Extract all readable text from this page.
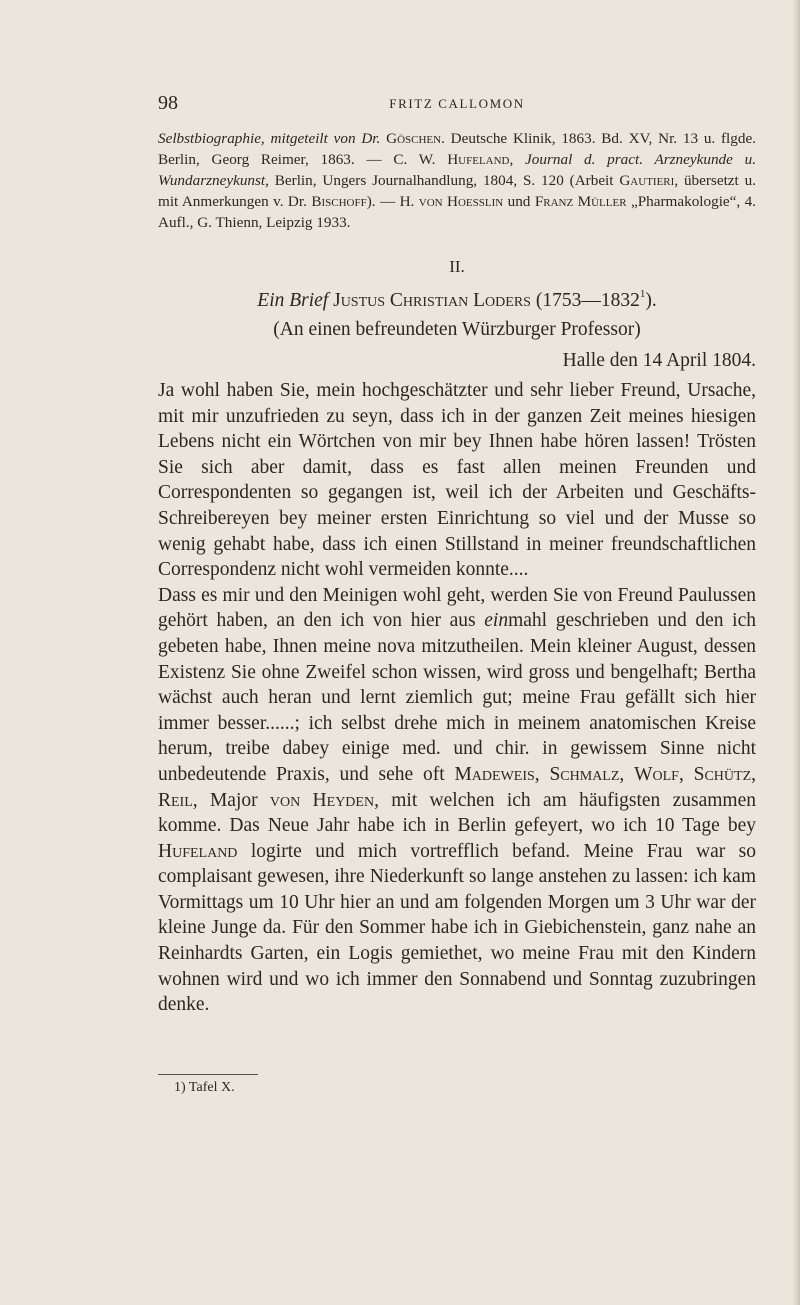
98	FRITZ CALLOMON

Selbstbiographie, mitgeteilt von Dr. Göschen. Deutsche Klinik, 1863. Bd. XV, Nr. 13 u. flgde. Berlin, Georg Reimer, 1863. — C. W. Hufeland, Journal d. pract. Arzneykunde u. Wundarzneykunst, Berlin, Ungers Journalhandlung, 1804, S. 120 (Arbeit Gautieri, übersetzt u. mit Anmerkungen v. Dr. Bischoff). — H. von Hoesslin und Franz Müller „Pharmakologie“, 4. Aufl., G. Thienn, Leipzig 1933.

II.
Ein Brief Justus Christian Loders (1753—1832$^1$).
(An einen befreundeten Würzburger Professor)
Halle den 14 April 1804.

Ja wohl haben Sie, mein hochgeschätzter und sehr lieber Freund, Ursache, mit mir unzufrieden zu seyn, dass ich in der ganzen Zeit meines hiesigen Lebens nicht ein Wörtchen von mir bey Ihnen habe hören lassen! Trösten Sie sich aber damit, dass es fast allen meinen Freunden und Correspondenten so gegangen ist, weil ich der Arbeiten und Geschäfts-Schreibereyen bey meiner ersten Einrichtung so viel und der Musse so wenig gehabt habe, dass ich einen Stillstand in meiner freundschaftlichen Correspondenz nicht wohl vermeiden konnte....

Dass es mir und den Meinigen wohl geht, werden Sie von Freund Paulussen gehört haben, an den ich von hier aus einmahl geschrieben und den ich gebeten habe, Ihnen meine nova mitzutheilen. Mein kleiner August, dessen Existenz Sie ohne Zweifel schon wissen, wird gross und bengelhaft; Bertha wächst auch heran und lernt ziemlich gut; meine Frau gefällt sich hier immer besser......; ich selbst drehe mich in meinem anatomischen Kreise herum, treibe dabey einige med. und chir. in gewissem Sinne nicht unbedeutende Praxis, und sehe oft Madeweis, Schmalz, Wolf, Schütz, Reil, Major von Heyden, mit welchen ich am häufigsten zusammen komme. Das Neue Jahr habe ich in Berlin gefeyert, wo ich 10 Tage bey Hufeland logirte und mich vortrefflich befand. Meine Frau war so complaisant gewesen, ihre Niederkunft so lange anstehen zu lassen: ich kam Vormittags um 10 Uhr hier an und am folgenden Morgen um 3 Uhr war der kleine Junge da. Für den Sommer habe ich in Giebichenstein, ganz nahe an Reinhardts Garten, ein Logis gemiethet, wo meine Frau mit den Kindern wohnen wird und wo ich immer den Sonnabend und Sonntag zuzubringen denke.

1) Tafel X.
